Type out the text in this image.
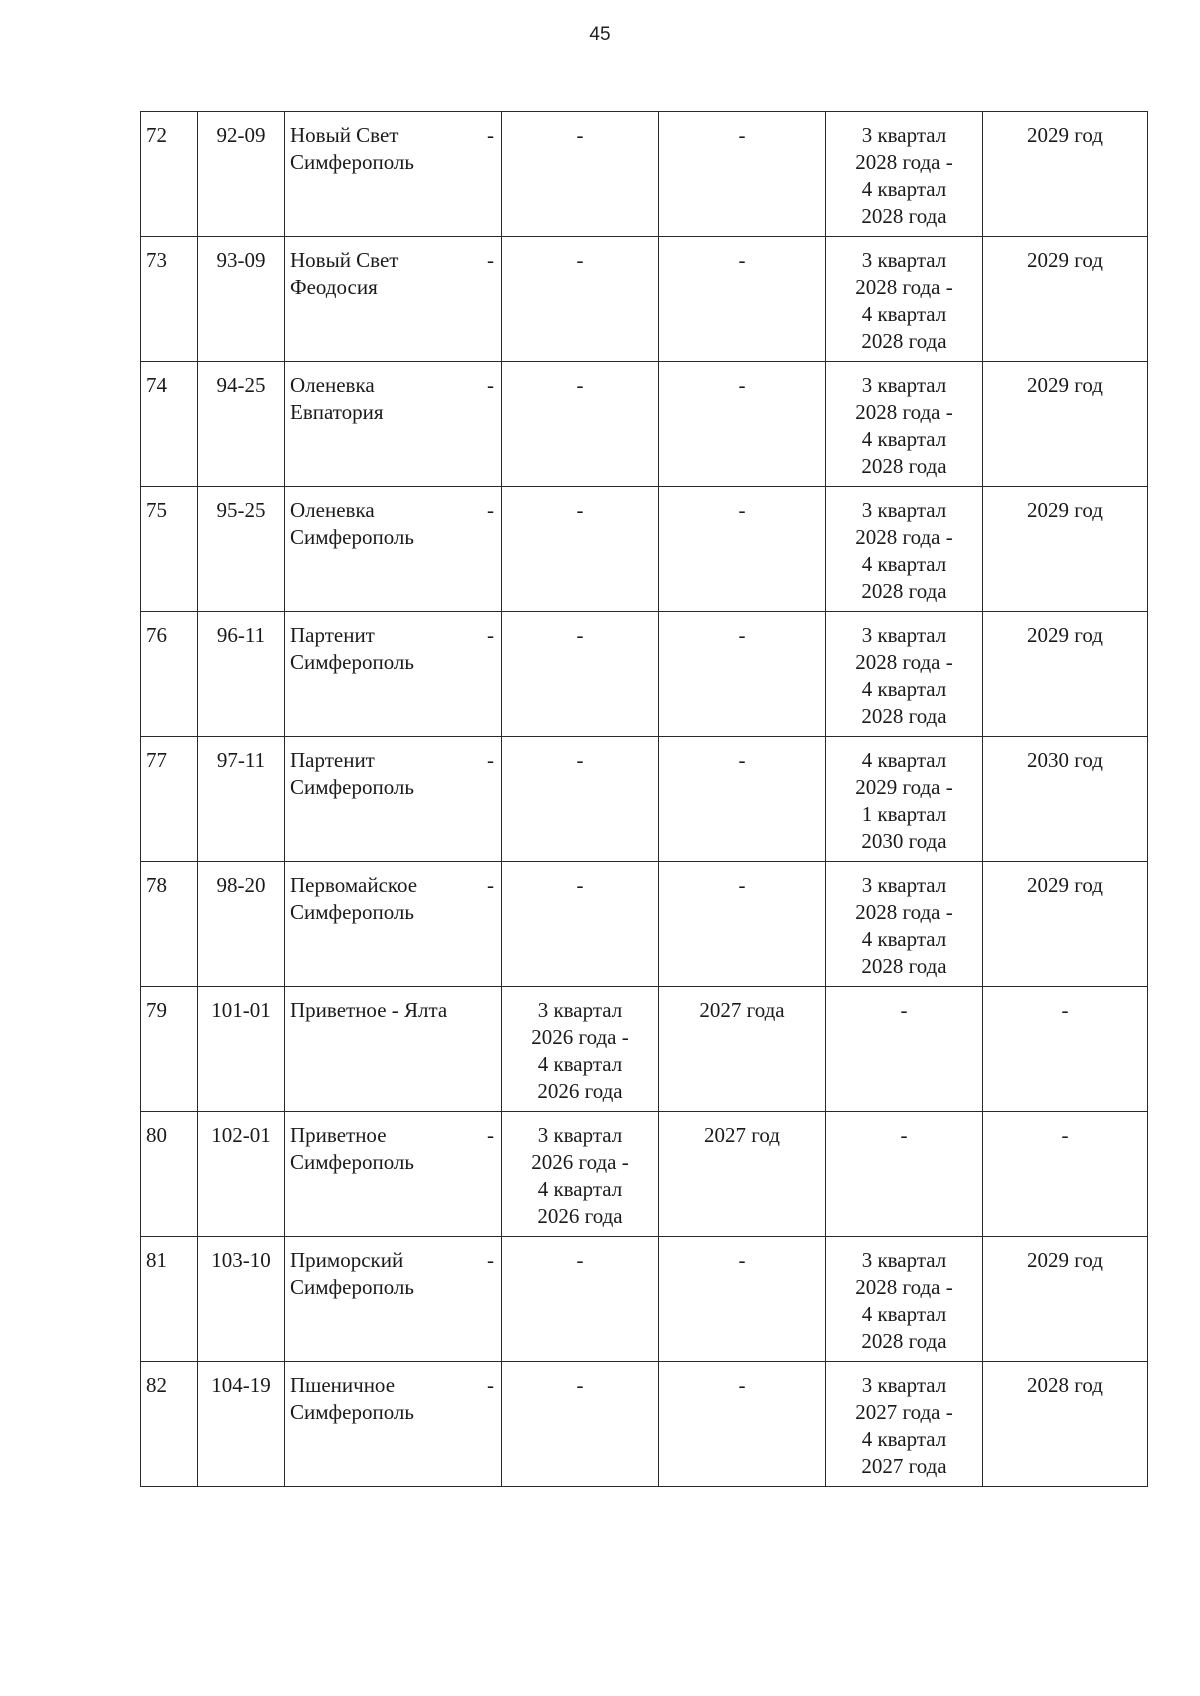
45
72	92-09	Новый Свет -
Симферополь	-	-	3 квартал
2028 года -
4 квартал
2028 года	2029 год

73	93-09	Новый Свет -
Феодосия	-	-	3 квартал
2028 года -
4 квартал
2028 года	2029 год

74	94-25	Оленевка -
Евпатория	-	-	3 квартал
2028 года -
4 квартал
2028 года	2029 год

75	95-25	Оленевка -
Симферополь	-	-	3 квартал
2028 года -
4 квартал
2028 года	2029 год

76	96-11	Партенит -
Симферополь	-	-	3 квартал
2028 года -
4 квартал
2028 года	2029 год

77	97-11	Партенит -
Симферополь	-	-	4 квартал
2029 года -
1 квартал
2030 года	2030 год

78	98-20	Первомайское -
Симферополь	-	-	3 квартал
2028 года -
4 квартал
2028 года	2029 год

79	101-01	Приветное - Ялта	3 квартал
2026 года -
4 квартал
2026 года	2027 года	-	-

80	102-01	Приветное -
Симферополь	3 квартал
2026 года -
4 квартал
2026 года	2027 год	-	-

81	103-10	Приморский -
Симферополь	-	-	3 квартал
2028 года -
4 квартал
2028 года	2029 год

82	104-19	Пшеничное -
Симферополь	-	-	3 квартал
2027 года -
4 квартал
2027 года	2028 год
